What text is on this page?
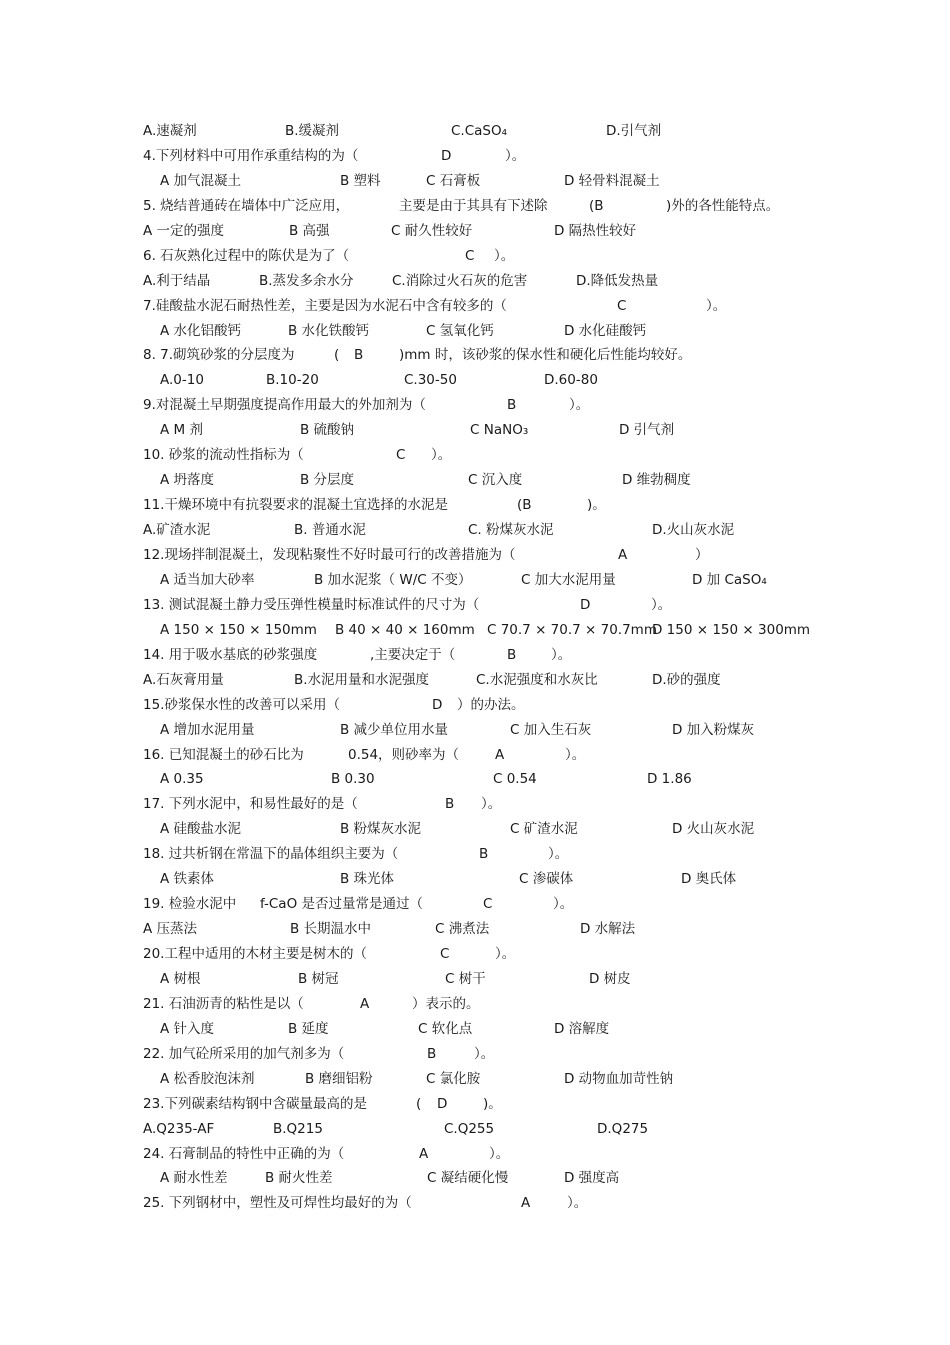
A.速凝剂	B.缓凝剂	C.CaSO₄	D.引气剂
4.下列材料中可用作承重结构的为（	D	）。
A 加气混凝土	B 塑料	C 石膏板	D 轻骨料混凝土
5. 烧结普通砖在墙体中广泛应用，	主要是由于其具有下述除	(B	)外的各性能特点。
A 一定的强度	B 高强	C 耐久性较好	D 隔热性较好
6. 石灰熟化过程中的陈伏是为了（	C ）。
A.利于结晶	B.蒸发多余水分	C.消除过火石灰的危害	D.降低发热量
7.硅酸盐水泥石耐热性差，主要是因为水泥石中含有较多的（	C	）。
A 水化铝酸钙	B 水化铁酸钙	C 氢氧化钙	D 水化硅酸钙
8. 7.砌筑砂浆的分层度为	( B	)mm 时，该砂浆的保水性和硬化后性能均较好。
A.0-10	B.10-20	C.30-50	D.60-80
9.对混凝土早期强度提高作用最大的外加剂为（	B	）。
A M 剂	B 硫酸钠	C NaNO₃	D 引气剂
10. 砂浆的流动性指标为（	C ）。
A 坍落度	B 分层度	C 沉入度	D 维勃稠度
11.干燥环境中有抗裂要求的混凝土宜选择的水泥是	(B	)。
A.矿渣水泥	B. 普通水泥	C. 粉煤灰水泥	D.火山灰水泥
12.现场拌制混凝土，发现粘聚性不好时最可行的改善措施为（	A	）
A 适当加大砂率	B 加水泥浆（ W/C 不变）	C 加大水泥用量	D 加 CaSO₄
13. 测试混凝土静力受压弹性模量时标准试件的尺寸为（	D	）。
A 150 × 150 × 150mm B 40 × 40 × 160mm C 70.7 × 70.7 × 70.7mm
D 150 × 150 × 300mm
14. 用于吸水基底的砂浆强度	,主要决定于（	B	）。
A.石灰膏用量	B.水泥用量和水泥强度	C.水泥强度和水灰比	D.砂的强度
15.砂浆保水性的改善可以采用（	D ）的办法。
A 增加水泥用量	B 减少单位用水量	C 加入生石灰	D 加入粉煤灰
16. 已知混凝土的砂石比为	0.54，则砂率为（	A	）。
A 0.35	B 0.30	C 0.54	D 1.86
17. 下列水泥中，和易性最好的是（	B ）。
A 硅酸盐水泥	B 粉煤灰水泥	C 矿渣水泥	D 火山灰水泥
18. 过共析钢在常温下的晶体组织主要为（	B	）。
A 铁素体	B 珠光体	C 渗碳体	D 奥氏体
19. 检验水泥中 f-CaO 是否过量常是通过（	C	）。
A 压蒸法	B 长期温水中	C 沸煮法	D 水解法
20.工程中适用的木材主要是树木的（	C	）。
A 树根	B 树冠	C 树干	D 树皮
21. 石油沥青的粘性是以（	A	）表示的。
A 针入度	B 延度	C 软化点	D 溶解度
22. 加气砼所采用的加气剂多为（	B	）。
A 松香胶泡沫剂	B 磨细铝粉	C 氯化胺	D 动物血加苛性钠
23.下列碳素结构钢中含碳量最高的是	( D	)。
A.Q235-AF	B.Q215	C.Q255	D.Q275
24. 石膏制品的特性中正确的为（	A	）。
A 耐水性差	B 耐火性差	C 凝结硬化慢	D 强度高
25. 下列钢材中，塑性及可焊性均最好的为（	A	）。
